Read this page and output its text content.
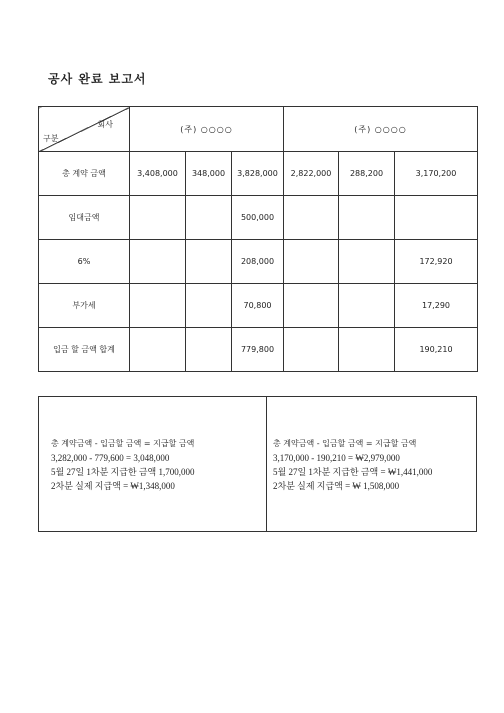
공사 완료 보고서
회사
구분	(주) ○○○○			(주) ○○○○		
총 계약 금액	3,408,000	348,000	3,828,000	2,822,000	288,200	3,170,200
임대금액			500,000			
6%			208,000			172,920
부가세			70,800			17,290
입금 할 금액 합계			779,800			190,210
총 계약금액 - 입금할 금액 = 지급할 금액
3,282,000 - 779,600 = 3,048,000
5월 27일 1차분 지급한 금액 1,700,000
2차분 실제 지급액 = ₩1,348,000
총 계약금액 - 입금할 금액 = 지급할 금액
3,170,000 - 190,210 = ₩2,979,000
5월 27일 1차분 지급한 금액 = ₩1,441,000
2차분 실제 지급액 = ₩ 1,508,000
